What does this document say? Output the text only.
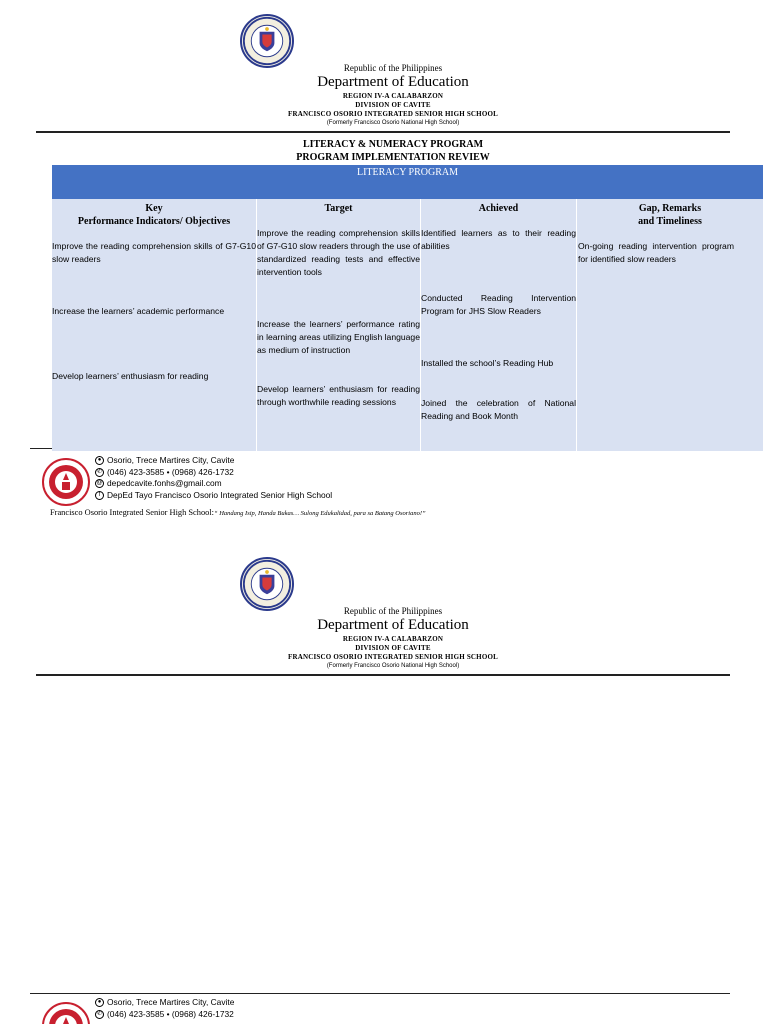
Republic of the Philippines
Department of Education
REGION IV-A CALABARZON
DIVISION OF CAVITE
FRANCISCO OSORIO INTEGRATED SENIOR HIGH SCHOOL
(Formerly Francisco Osorio National High School)
LITERACY & NUMERACY PROGRAM
PROGRAM IMPLEMENTATION REVIEW
LITERACY PROGRAM
Key
Performance Indicators/ Objectives
Improve the reading comprehension skills of G7-G10 slow readers
Increase the learners’ academic performance
Develop learners’ enthusiasm for reading
Target
Improve the reading comprehension skills of G7-G10 slow readers through the use of standardized reading tests and effective intervention tools
Increase the learners’ performance rating in learning areas utilizing English language as medium of instruction
Develop learners’ enthusiasm for reading through worthwhile reading sessions
Achieved
Identified learners as to their reading abilities
Conducted Reading Intervention Program for JHS Slow Readers
Installed the school’s Reading Hub
Joined the celebration of National Reading and Book Month
Gap, Remarks
and Timeliness
On-going reading intervention program for identified slow readers
● Osorio, Trece Martires City, Cavite
✆ (046) 423-3585 • (0968) 426-1732
@ depedcavite.fonhs@gmail.com
f DepEd Tayo Francisco Osorio Integrated Senior High School
Francisco Osorio Integrated Senior High School:“ Handang Isip, Handa Bukas… Sulong Edukalidad, para sa Batang Osoriano!”
Republic of the Philippines
Department of Education
REGION IV-A CALABARZON
DIVISION OF CAVITE
FRANCISCO OSORIO INTEGRATED SENIOR HIGH SCHOOL
(Formerly Francisco Osorio National High School)
● Osorio, Trece Martires City, Cavite
✆ (046) 423-3585 • (0968) 426-1732
